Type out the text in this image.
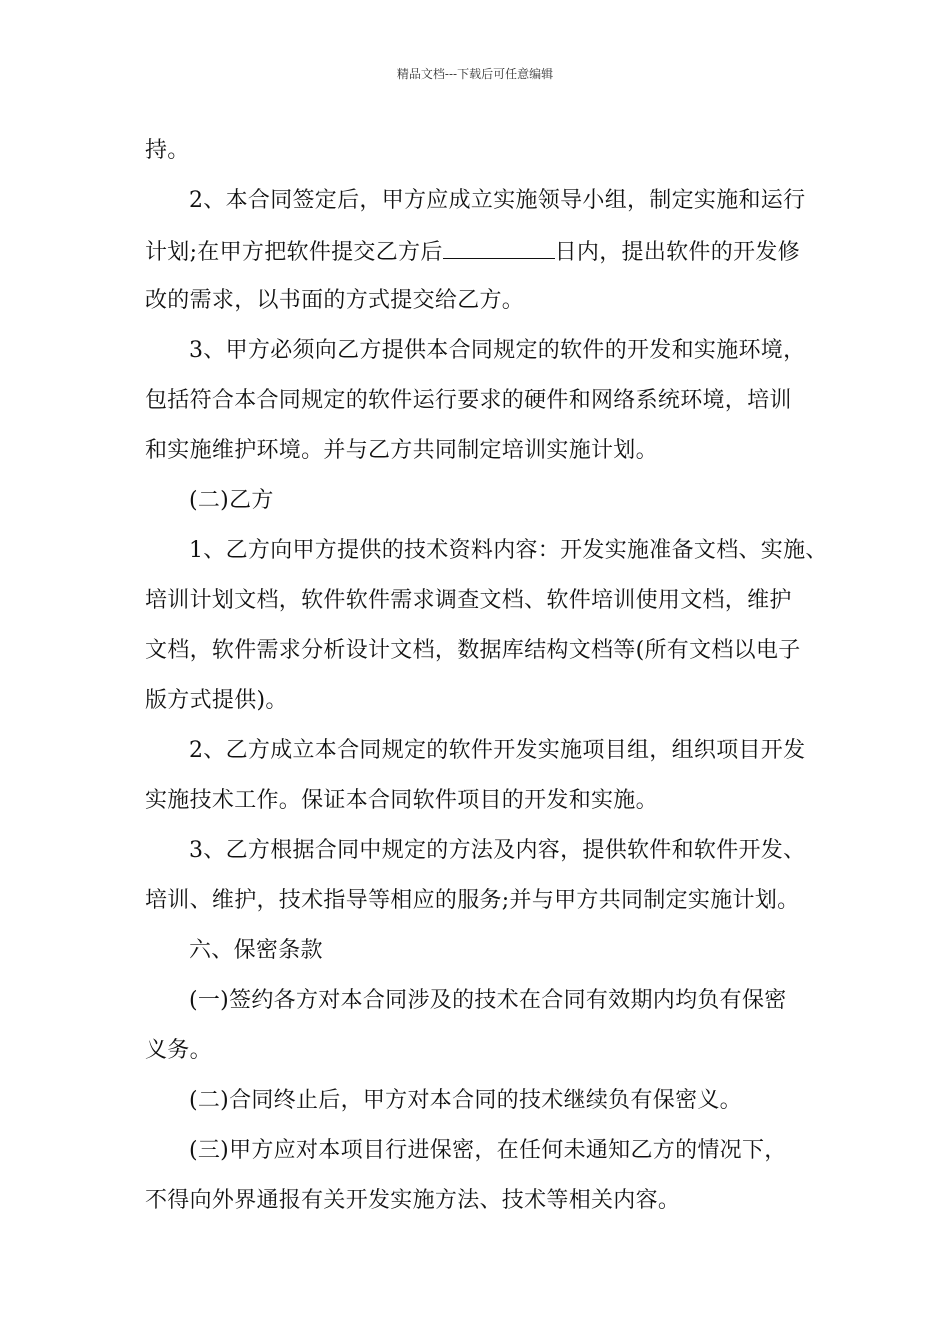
精品文档---下载后可任意编辑
持。
2、本合同签定后，甲方应成立实施领导小组，制定实施和运行
计划;在甲方把软件提交乙方后	日内，提出软件的开发修
改的需求，以书面的方式提交给乙方。
3、甲方必须向乙方提供本合同规定的软件的开发和实施环境，
包括符合本合同规定的软件运行要求的硬件和网络系统环境，培训
和实施维护环境。并与乙方共同制定培训实施计划。
(二)乙方
1、乙方向甲方提供的技术资料内容：开发实施准备文档、实施、
培训计划文档，软件软件需求调查文档、软件培训使用文档，维护
文档，软件需求分析设计文档，数据库结构文档等(所有文档以电子
版方式提供)。
2、乙方成立本合同规定的软件开发实施项目组，组织项目开发
实施技术工作。保证本合同软件项目的开发和实施。
3、乙方根据合同中规定的方法及内容，提供软件和软件开发、
培训、维护，技术指导等相应的服务;并与甲方共同制定实施计划。
六、保密条款
(一)签约各方对本合同涉及的技术在合同有效期内均负有保密
义务。
(二)合同终止后，甲方对本合同的技术继续负有保密义。
(三)甲方应对本项目行进保密，在任何未通知乙方的情况下，
不得向外界通报有关开发实施方法、技术等相关内容。
